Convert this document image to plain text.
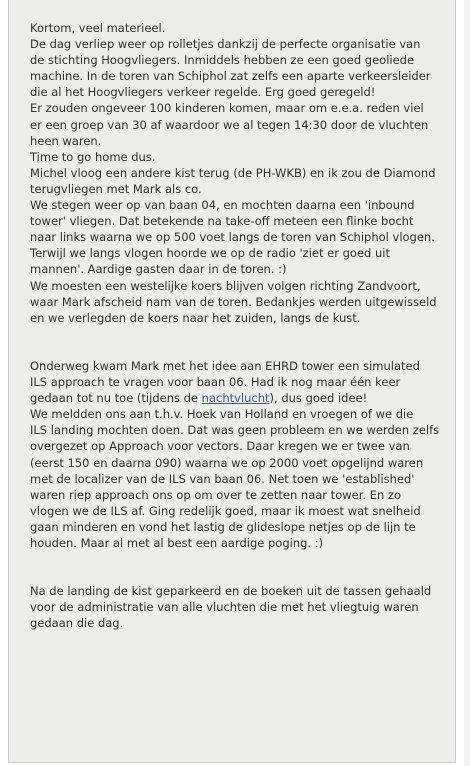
Kortom, veel materieel.
De dag verliep weer op rolletjes dankzij de perfecte organisatie van
de stichting Hoogvliegers. Inmiddels hebben ze een goed geoliede
machine. In de toren van Schiphol zat zelfs een aparte verkeersleider
die al het Hoogvliegers verkeer regelde. Erg goed geregeld!
Er zouden ongeveer 100 kinderen komen, maar om e.e.a. reden viel
er een groep van 30 af waardoor we al tegen 14:30 door de vluchten
heen waren.
Time to go home dus.
Michel vloog een andere kist terug (de PH-WKB) en ik zou de Diamond
terugvliegen met Mark als co.
We stegen weer op van baan 04, en mochten daarna een 'inbound
tower' vliegen. Dat betekende na take-off meteen een flinke bocht
naar links waarna we op 500 voet langs de toren van Schiphol vlogen.
Terwijl we langs vlogen hoorde we op de radio 'ziet er goed uit
mannen'. Aardige gasten daar in de toren. :)
We moesten een westelijke koers blijven volgen richting Zandvoort,
waar Mark afscheid nam van de toren. Bedankjes werden uitgewisseld
en we verlegden de koers naar het zuiden, langs de kust.
Onderweg kwam Mark met het idee aan EHRD tower een simulated
ILS approach te vragen voor baan 06. Had ik nog maar één keer
gedaan tot nu toe (tijdens de nachtvlucht), dus goed idee!
We meldden ons aan t.h.v. Hoek van Holland en vroegen of we die
ILS landing mochten doen. Dat was geen probleem en we werden zelfs
overgezet op Approach voor vectors. Daar kregen we er twee van
(eerst 150 en daarna 090) waarna we op 2000 voet opgelijnd waren
met de localizer van de ILS van baan 06. Net toen we 'established'
waren riep approach ons op om over te zetten naar tower. En zo
vlogen we de ILS af. Ging redelijk goed, maar ik moest wat snelheid
gaan minderen en vond het lastig de glideslope netjes op de lijn te
houden. Maar al met al best een aardige poging. :)
Na de landing de kist geparkeerd en de boeken uit de tassen gehaald
voor de administratie van alle vluchten die met het vliegtuig waren
gedaan die dag.
